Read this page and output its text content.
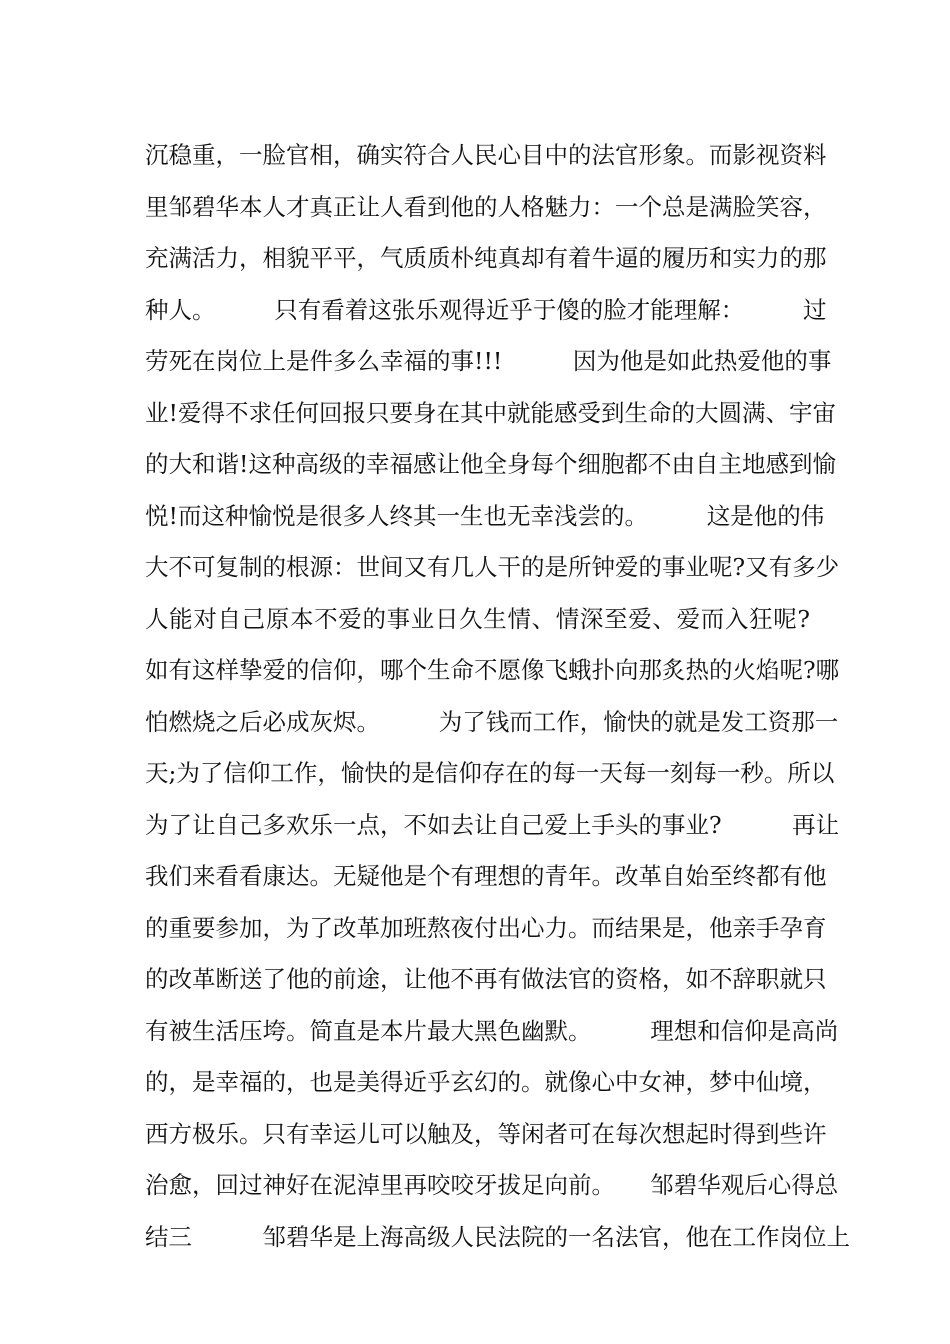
沉稳重，一脸官相，确实符合人民心目中的法官形象。而影视资料
里邹碧华本人才真正让人看到他的人格魅力：一个总是满脸笑容，
充满活力，相貌平平，气质质朴纯真却有着牛逼的履历和实力的那
种人。　　　只有看着这张乐观得近乎于傻的脸才能理解：　　　过
劳死在岗位上是件多么幸福的事!!!　　　因为他是如此热爱他的事
业!爱得不求任何回报只要身在其中就能感受到生命的大圆满、宇宙
的大和谐!这种高级的幸福感让他全身每个细胞都不由自主地感到愉
悦!而这种愉悦是很多人终其一生也无幸浅尝的。　　　这是他的伟
大不可复制的根源：世间又有几人干的是所钟爱的事业呢?又有多少
人能对自己原本不爱的事业日久生情、情深至爱、爱而入狂呢?
如有这样挚爱的信仰，哪个生命不愿像飞蛾扑向那炙热的火焰呢?哪
怕燃烧之后必成灰烬。　　　为了钱而工作，愉快的就是发工资那一
天;为了信仰工作，愉快的是信仰存在的每一天每一刻每一秒。所以
为了让自己多欢乐一点，不如去让自己爱上手头的事业?　　　再让
我们来看看康达。无疑他是个有理想的青年。改革自始至终都有他
的重要参加，为了改革加班熬夜付出心力。而结果是，他亲手孕育
的改革断送了他的前途，让他不再有做法官的资格，如不辞职就只
有被生活压垮。简直是本片最大黑色幽默。　　　理想和信仰是高尚
的，是幸福的，也是美得近乎玄幻的。就像心中女神，梦中仙境，
西方极乐。只有幸运儿可以触及，等闲者可在每次想起时得到些许
治愈，回过神好在泥淖里再咬咬牙拔足向前。　　邹碧华观后心得总
结三　　　邹碧华是上海高级人民法院的一名法官，他在工作岗位上
